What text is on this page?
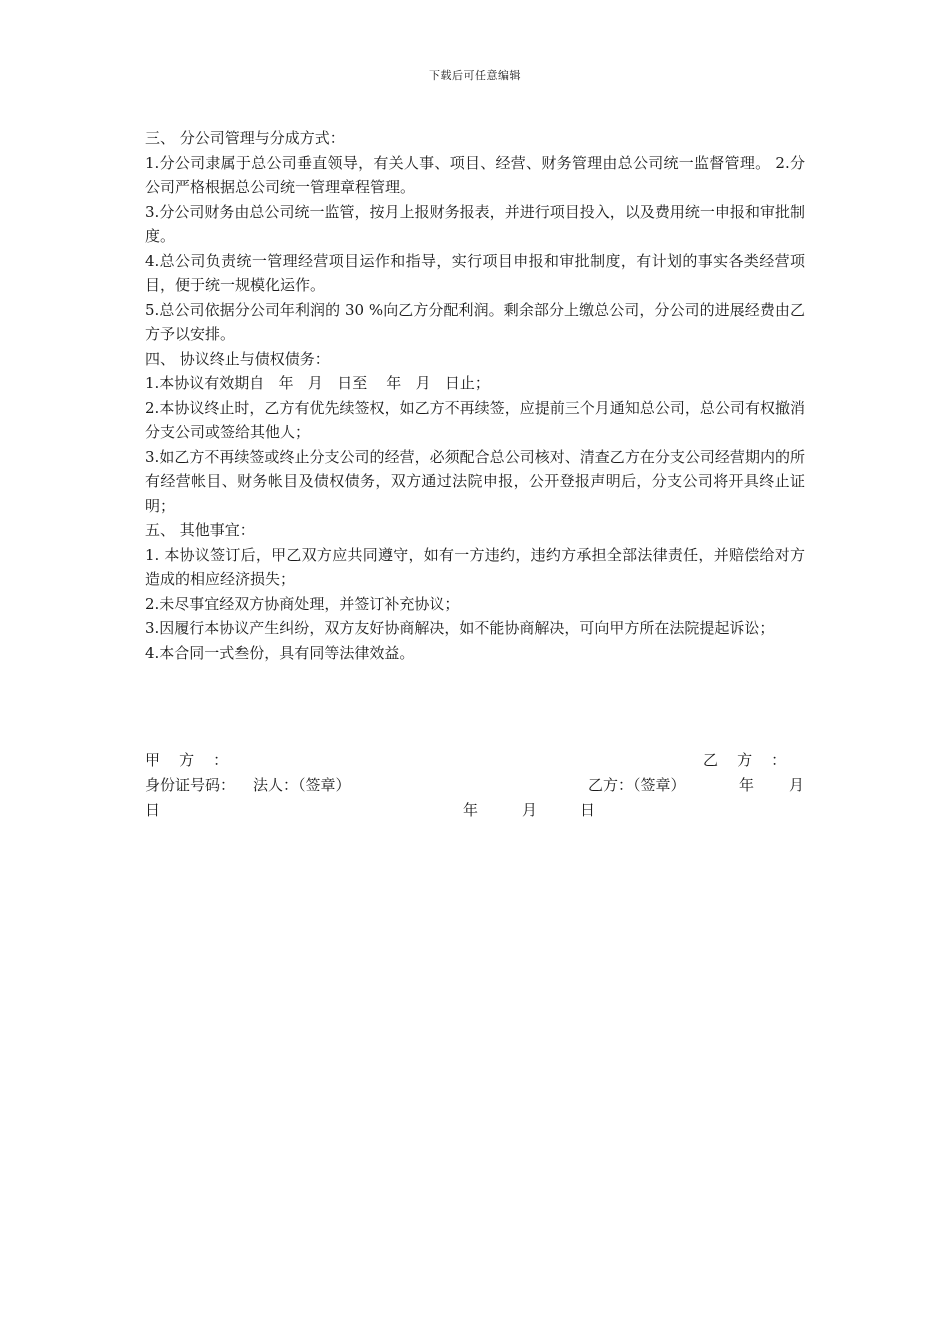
下载后可任意编辑

三、 分公司管理与分成方式：

1.分公司隶属于总公司垂直领导，有关人事、项目、经营、财务管理由总公司统一监督管理。 2.分公司严格根据总公司统一管理章程管理。

3.分公司财务由总公司统一监管，按月上报财务报表，并进行项目投入，以及费用统一申报和审批制度。

4.总公司负责统一管理经营项目运作和指导，实行项目申报和审批制度，有计划的事实各类经营项目，便于统一规模化运作。

5.总公司依据分公司年利润的 30 %向乙方分配利润。剩余部分上缴总公司，分公司的进展经费由乙方予以安排。

四、 协议终止与债权债务：

1.本协议有效期自   年   月   日至    年   月   日止；

2.本协议终止时，乙方有优先续签权，如乙方不再续签，应提前三个月通知总公司，总公司有权撤消分支公司或签给其他人；

3.如乙方不再续签或终止分支公司的经营，必须配合总公司核对、清查乙方在分支公司经营期内的所有经营帐目、财务帐目及债权债务，双方通过法院申报，公开登报声明后，分支公司将开具终止证明；

五、 其他事宜：

1. 本协议签订后，甲乙双方应共同遵守，如有一方违约，违约方承担全部法律责任，并赔偿给对方造成的相应经济损失；

2.未尽事宜经双方协商处理，并签订补充协议；

3.因履行本协议产生纠纷，双方友好协商解决，如不能协商解决，可向甲方所在法院提起诉讼；

4.本合同一式叁份，具有同等法律效益。

甲    方    ：	乙    方    ：
身份证号码： 法人：（签章）	乙方：（签章）	年 月
日	年	月	日
